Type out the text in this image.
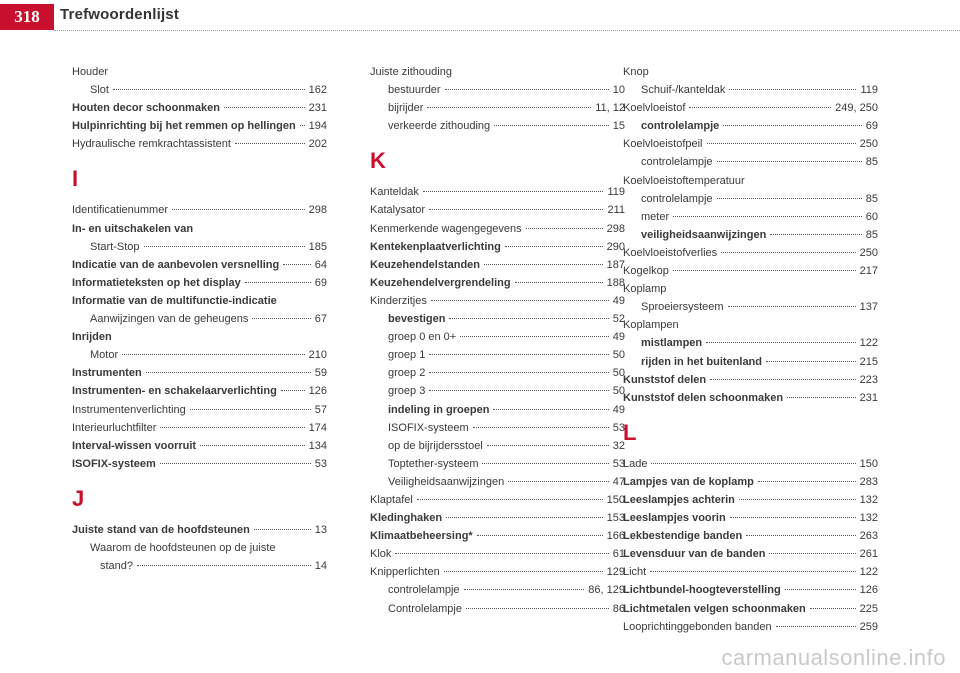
318	Trefwoordenlijst
Houder
Slot	162
Houten decor schoonmaken	231
Hulpinrichting bij het remmen op hellingen 194
Hydraulische remkrachtassistent	202
I
Identificatienummer	298
In- en uitschakelen van
Start-Stop	185
Indicatie van de aanbevolen versnelling	64
Informatieteksten op het display	69
Informatie van de multifunctie-indicatie
Aanwijzingen van de geheugens	67
Inrijden
Motor	210
Instrumenten	59
Instrumenten- en schakelaarverlichting	126
Instrumentenverlichting	57
Interieurluchtfilter	174
Interval-wissen voorruit	134
ISOFIX-systeem	53
J
Juiste stand van de hoofdsteunen	13
Waarom de hoofdsteunen op de juiste
stand?	14
Juiste zithouding
bestuurder	10
bijrijder	11, 12
verkeerde zithouding	15
K
Kanteldak	119
Katalysator	211
Kenmerkende wagengegevens	298
Kentekenplaatverlichting	290
Keuzehendelstanden	187
Keuzehendelvergrendeling	188
Kinderzitjes	49
bevestigen	52
groep 0 en 0+	49
groep 1	50
groep 2	50
groep 3	50
indeling in groepen	49
ISOFIX-systeem	53
op de bijrijdersstoel	32
Toptether-systeem	53
Veiligheidsaanwijzingen	47
Klaptafel	150
Kledinghaken	153
Klimaatbeheersing*	166
Klok	61
Knipperlichten	129
controlelampje	86, 129
Controlelampje	86
Knop
Schuif-/kanteldak	119
Koelvloeistof	249, 250
controlelampje	69
Koelvloeistofpeil	250
controlelampje	85
Koelvloeistoftemperatuur
controlelampje	85
meter	60
veiligheidsaanwijzingen	85
Koelvloeistofverlies	250
Kogelkop	217
Koplamp
Sproeiersysteem	137
Koplampen
mistlampen	122
rijden in het buitenland	215
Kunststof delen	223
Kunststof delen schoonmaken	231
L
Lade	150
Lampjes van de koplamp	283
Leeslampjes achterin	132
Leeslampjes voorin	132
Lekbestendige banden	263
Levensduur van de banden	261
Licht	122
Lichtbundel-hoogteverstelling	126
Lichtmetalen velgen schoonmaken	225
Looprichtinggebonden banden	259
carmanualsonline.info
